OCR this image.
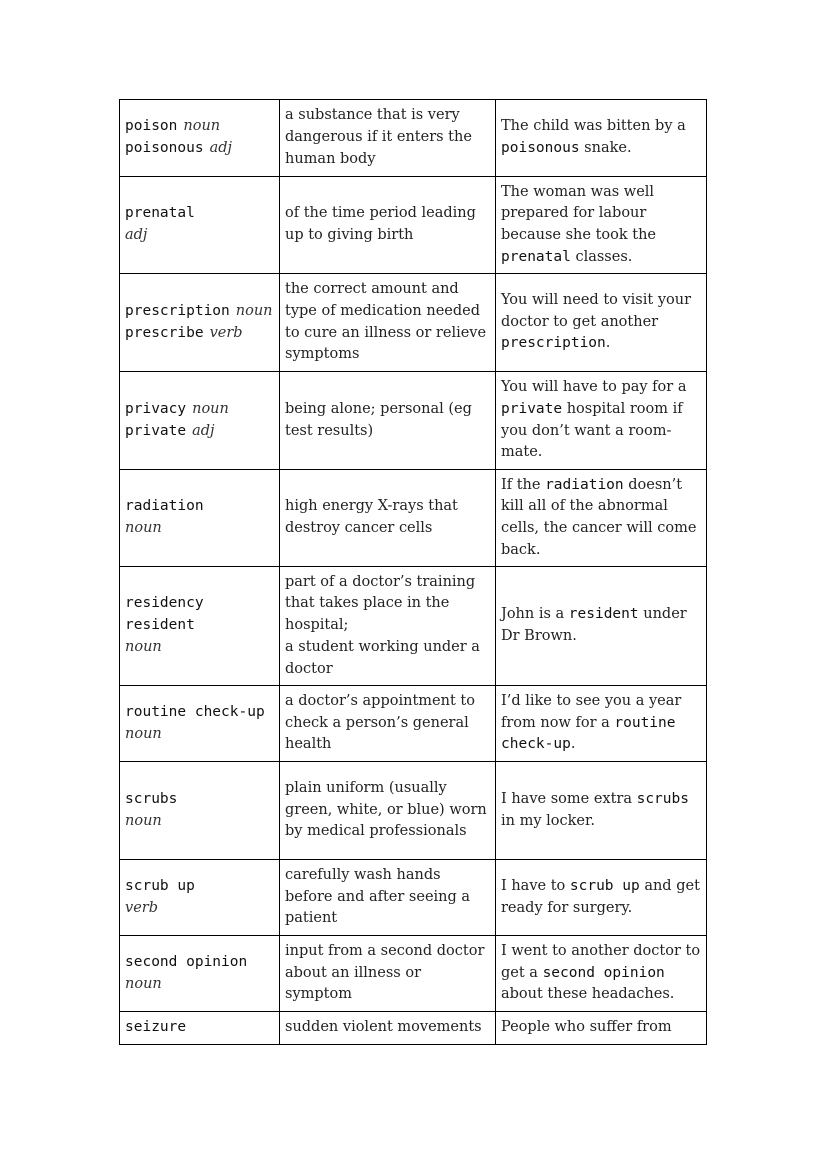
poison noun
poisonous adj	a substance that is very dangerous if it enters the human body	The child was bitten by a poisonous snake.

prenatal
adj	of the time period leading up to giving birth	The woman was well prepared for labour because she took the prenatal classes.

prescription noun
prescribe verb	the correct amount and type of medication needed to cure an illness or relieve symptoms	You will need to visit your doctor to get another prescription.

privacy noun
private adj	being alone; personal (eg test results)	You will have to pay for a private hospital room if you don’t want a room-mate.

radiation
noun	high energy X-rays that destroy cancer cells	If the radiation doesn’t kill all of the abnormal cells, the cancer will come back.

residency
resident
noun	part of a doctor’s training that takes place in the hospital;
a student working under a doctor	John is a resident under Dr Brown.

routine check-up
noun	a doctor’s appointment to check a person’s general health	I’d like to see you a year from now for a routine check-up.

scrubs
noun	plain uniform (usually green, white, or blue) worn by medical professionals	I have some extra scrubs in my locker.

scrub up
verb	carefully wash hands before and after seeing a patient	I have to scrub up and get ready for surgery.

second opinion
noun	input from a second doctor about an illness or symptom	I went to another doctor to get a second opinion about these headaches.

seizure	sudden violent movements	People who suffer from
